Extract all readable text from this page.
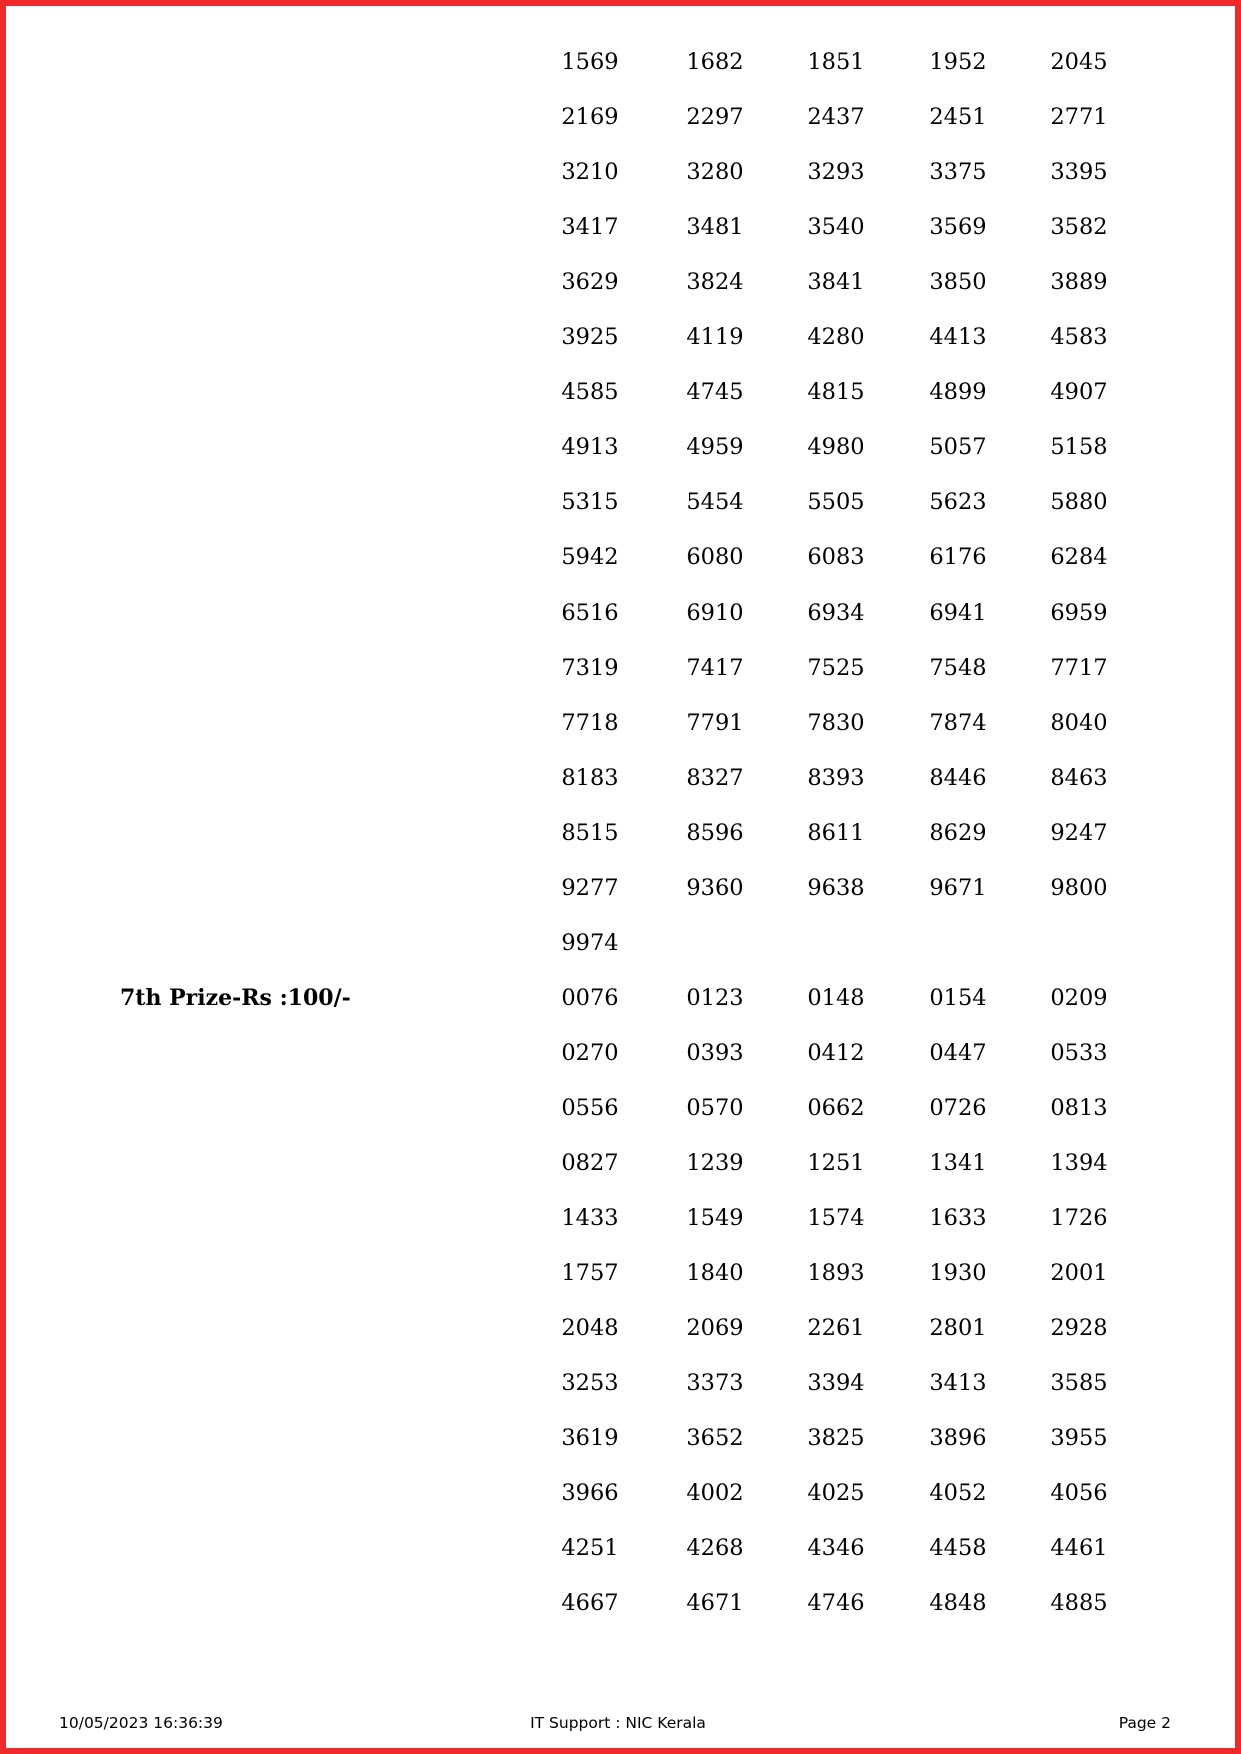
1569	1682	1851	1952	2045
2169	2297	2437	2451	2771
3210	3280	3293	3375	3395
3417	3481	3540	3569	3582
3629	3824	3841	3850	3889
3925	4119	4280	4413	4583
4585	4745	4815	4899	4907
4913	4959	4980	5057	5158
5315	5454	5505	5623	5880
5942	6080	6083	6176	6284
6516	6910	6934	6941	6959
7319	7417	7525	7548	7717
7718	7791	7830	7874	8040
8183	8327	8393	8446	8463
8515	8596	8611	8629	9247
9277	9360	9638	9671	9800
9974
7th Prize-Rs :100/-	0076	0123	0148	0154	0209
0270	0393	0412	0447	0533
0556	0570	0662	0726	0813
0827	1239	1251	1341	1394
1433	1549	1574	1633	1726
1757	1840	1893	1930	2001
2048	2069	2261	2801	2928
3253	3373	3394	3413	3585
3619	3652	3825	3896	3955
3966	4002	4025	4052	4056
4251	4268	4346	4458	4461
4667	4671	4746	4848	4885
10/05/2023 16:36:39	IT Support : NIC Kerala	Page 2
